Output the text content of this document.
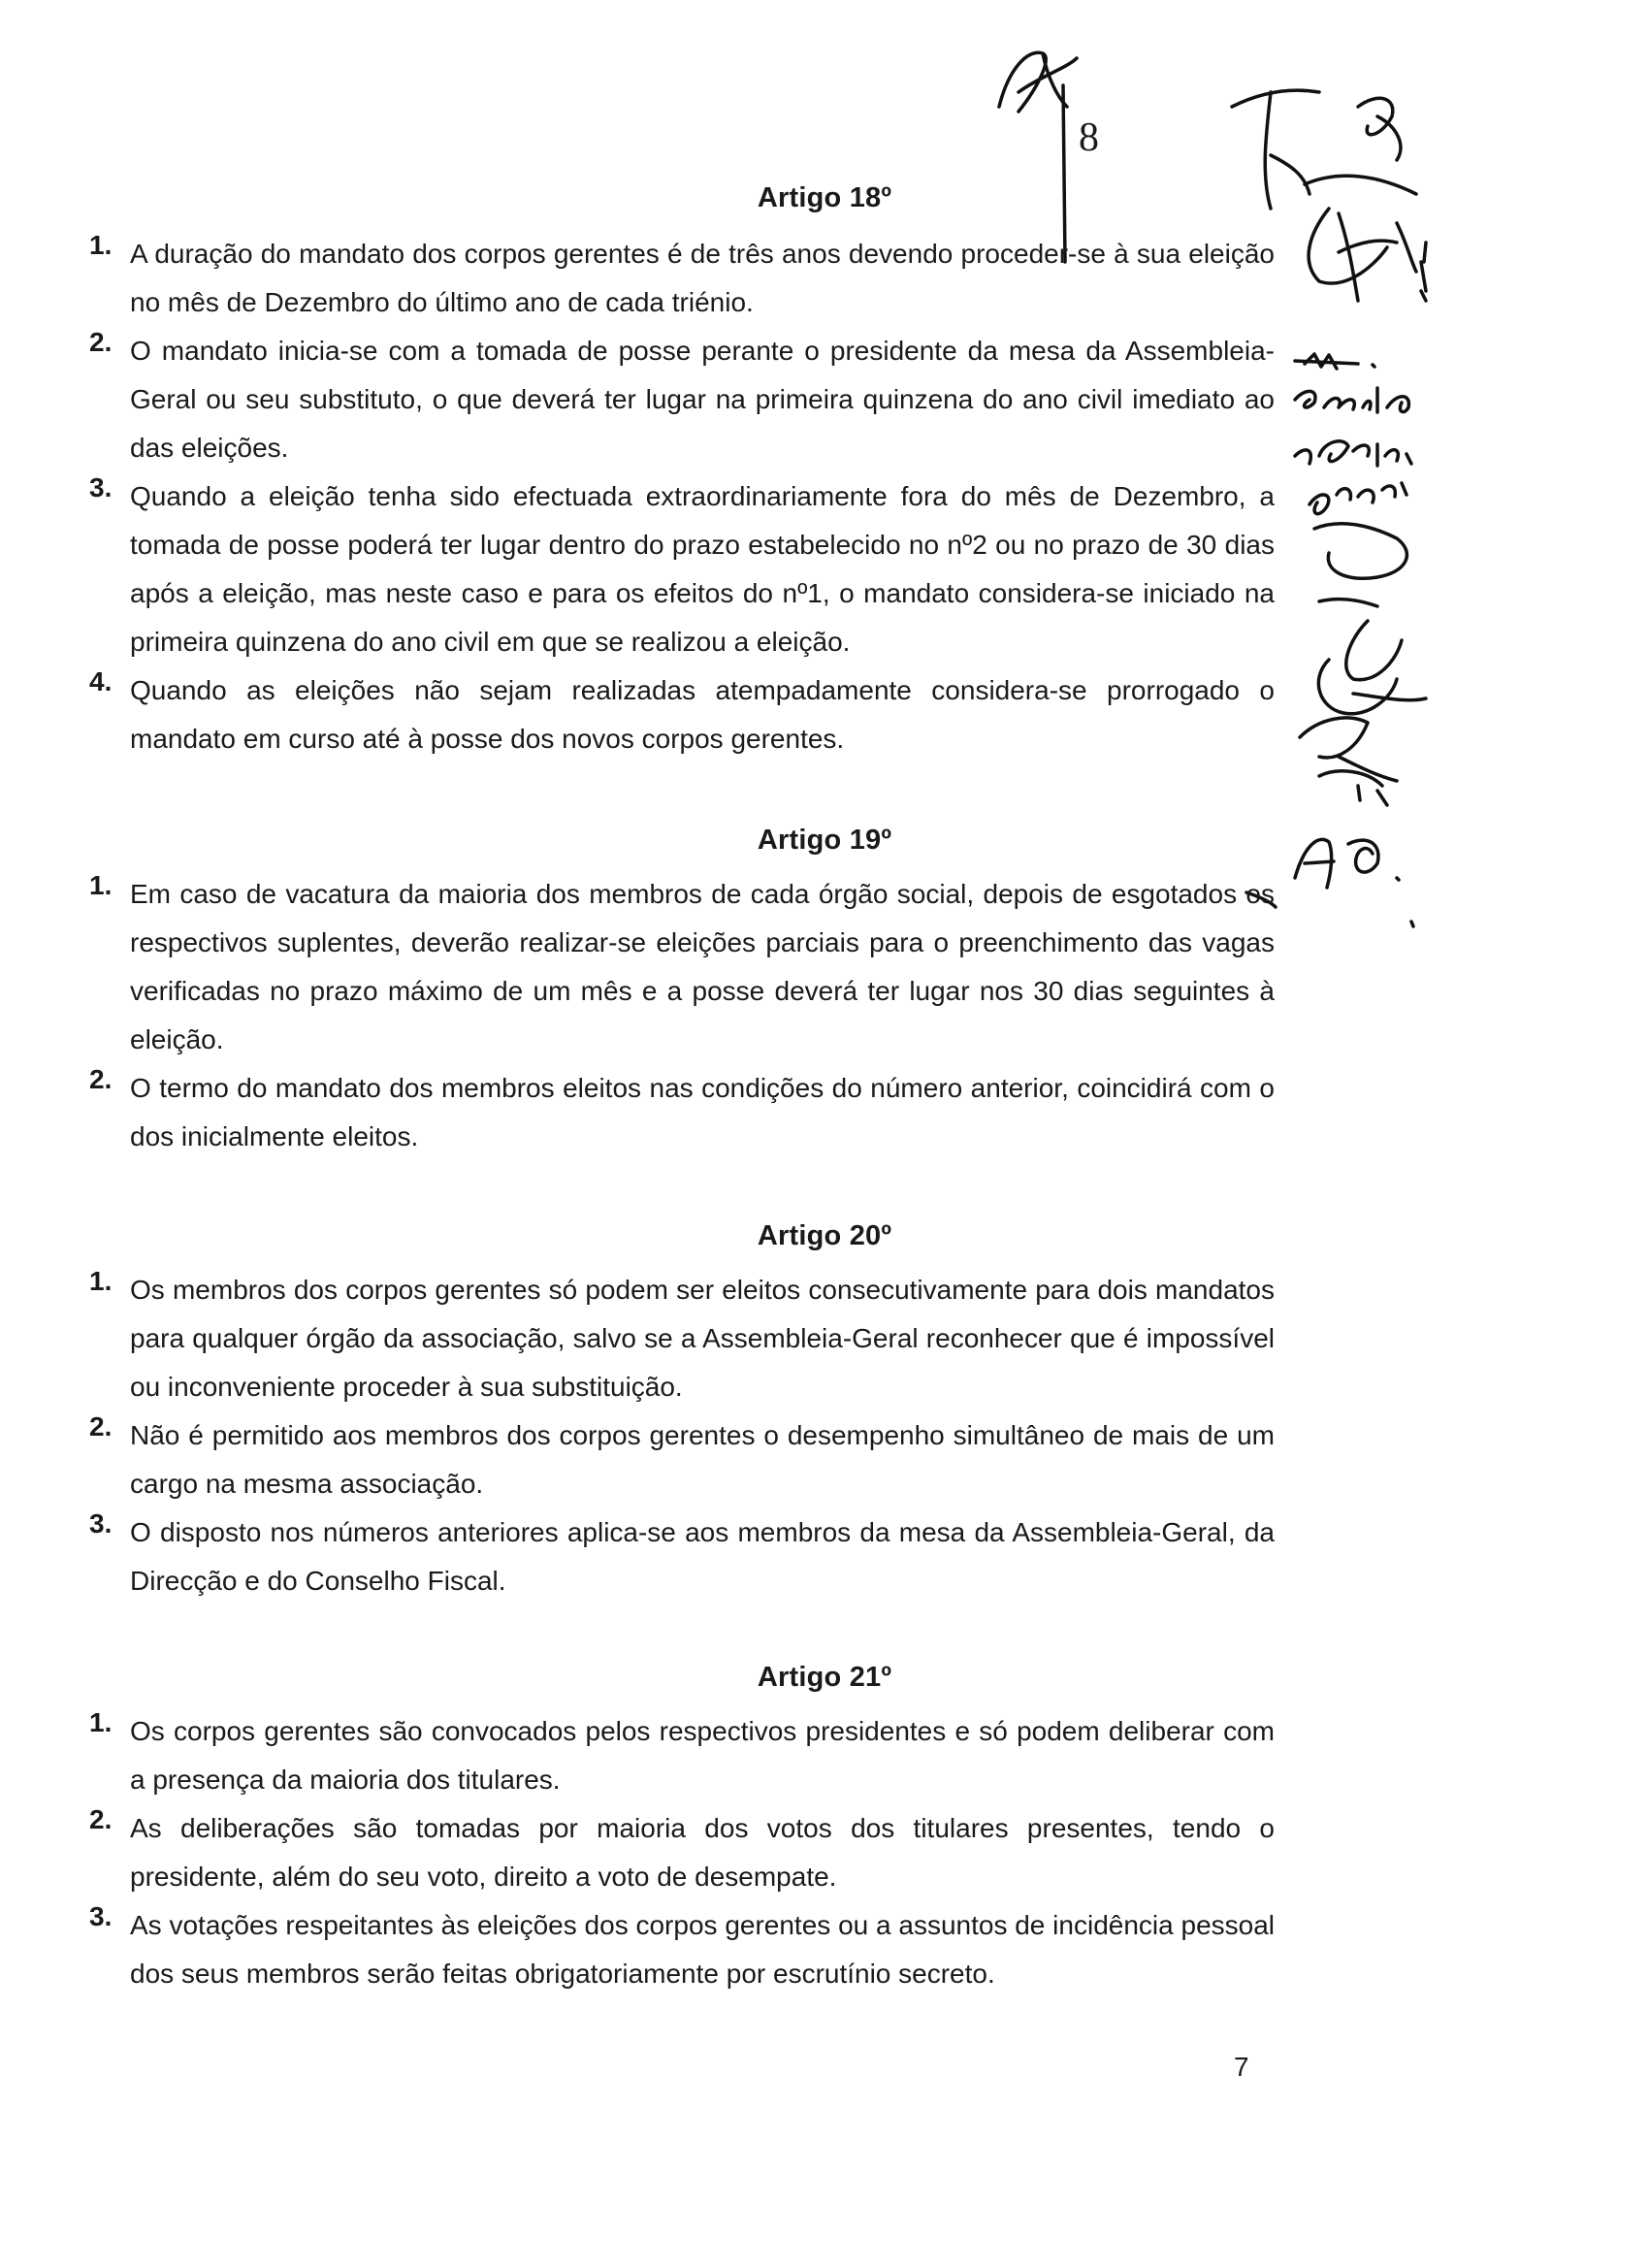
8
Artigo 18º
1. A duração do mandato dos corpos gerentes é de três anos devendo proceder-se à sua eleição no mês de Dezembro do último ano de cada triénio.
2. O mandato inicia-se com a tomada de posse perante o presidente da mesa da Assembleia-Geral ou seu substituto, o que deverá ter lugar na primeira quinzena do ano civil imediato ao das eleições.
3. Quando a eleição tenha sido efectuada extraordinariamente fora do mês de Dezembro, a tomada de posse poderá ter lugar dentro do prazo estabelecido no nº2 ou no prazo de 30 dias após a eleição, mas neste caso e para os efeitos do nº1, o mandato considera-se iniciado na primeira quinzena do ano civil em que se realizou a eleição.
4. Quando as eleições não sejam realizadas atempadamente considera-se prorrogado o mandato em curso até à posse dos novos corpos gerentes.
Artigo 19º
1. Em caso de vacatura da maioria dos membros de cada órgão social, depois de esgotados os respectivos suplentes, deverão realizar-se eleições parciais para o preenchimento das vagas verificadas no prazo máximo de um mês e a posse deverá ter lugar nos 30 dias seguintes à eleição.
2. O termo do mandato dos membros eleitos nas condições do número anterior, coincidirá com o dos inicialmente eleitos.
Artigo 20º
1. Os membros dos corpos gerentes só podem ser eleitos consecutivamente para dois mandatos para qualquer órgão da associação, salvo se a Assembleia-Geral reconhecer que é impossível ou inconveniente proceder à sua substituição.
2. Não é permitido aos membros dos corpos gerentes o desempenho simultâneo de mais de um cargo na mesma associação.
3. O disposto nos números anteriores aplica-se aos membros da mesa da Assembleia-Geral, da Direcção e do Conselho Fiscal.
Artigo 21º
1. Os corpos gerentes são convocados pelos respectivos presidentes e só podem deliberar com a presença da maioria dos titulares.
2. As deliberações são tomadas por maioria dos votos dos titulares presentes, tendo o presidente, além do seu voto, direito a voto de desempate.
3. As votações respeitantes às eleições dos corpos gerentes ou a assuntos de incidência pessoal dos seus membros serão feitas obrigatoriamente por escrutínio secreto.
7
